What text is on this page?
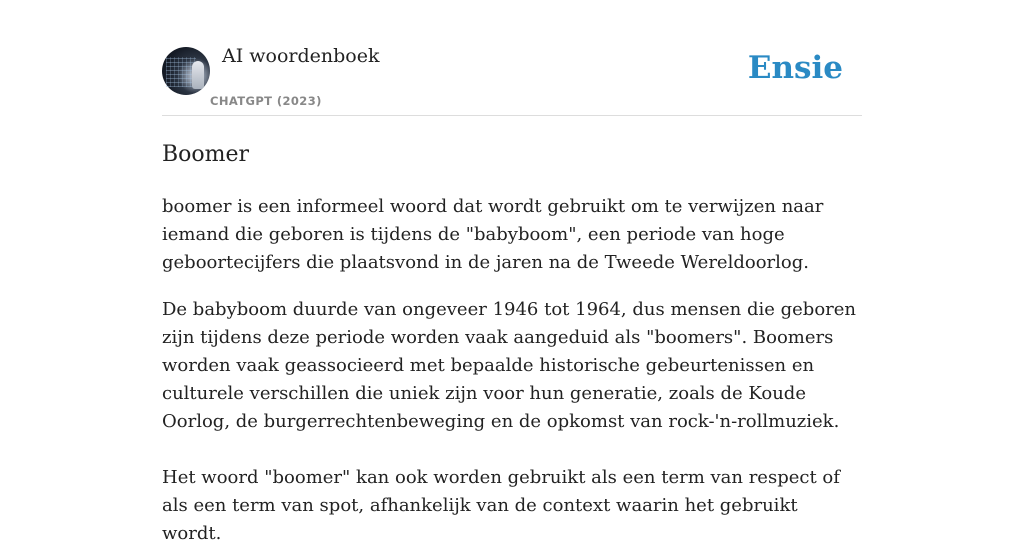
AI woordenboek
CHATGPT (2023)
Ensie
Boomer

boomer is een informeel woord dat wordt gebruikt om te verwijzen naar iemand die geboren is tijdens de "babyboom", een periode van hoge geboortecijfers die plaatsvond in de jaren na de Tweede Wereldoorlog.

De babyboom duurde van ongeveer 1946 tot 1964, dus mensen die geboren zijn tijdens deze periode worden vaak aangeduid als "boomers". Boomers worden vaak geassocieerd met bepaalde historische gebeurtenissen en culturele verschillen die uniek zijn voor hun generatie, zoals de Koude Oorlog, de burgerrechtenbeweging en de opkomst van rock-'n-rollmuziek.

Het woord "boomer" kan ook worden gebruikt als een term van respect of als een term van spot, afhankelijk van de context waarin het gebruikt wordt.
